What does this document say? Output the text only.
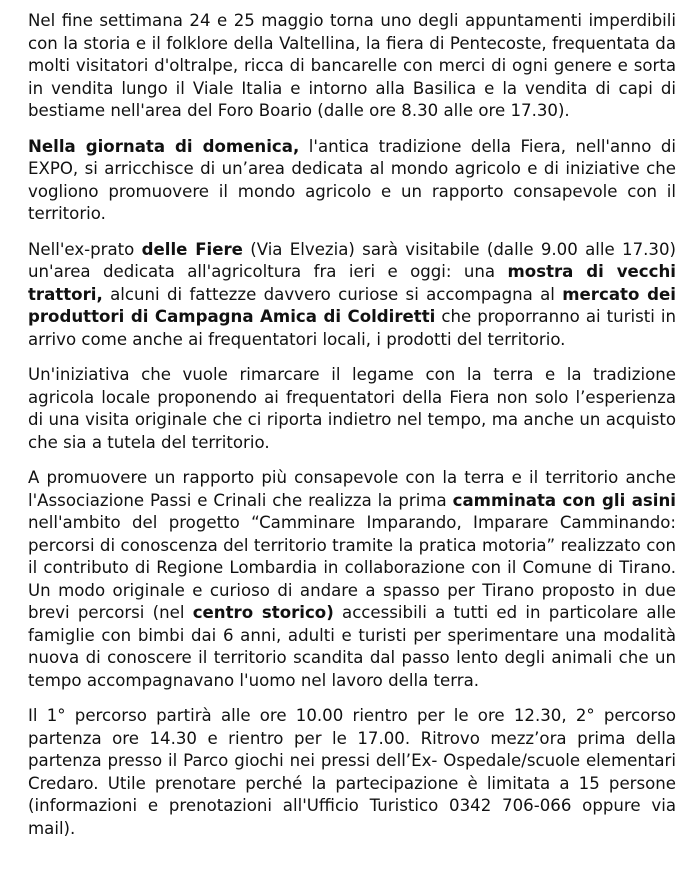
Nel fine settimana 24 e 25 maggio torna uno degli appuntamenti imperdibili con la storia e il folklore della Valtellina, la fiera di Pentecoste, frequentata da molti visitatori d'oltralpe, ricca di bancarelle con merci di ogni genere e sorta in vendita lungo il Viale Italia e intorno alla Basilica e la vendita di capi di bestiame nell'area del Foro Boario (dalle ore 8.30 alle ore 17.30).

Nella giornata di domenica, l'antica tradizione della Fiera, nell'anno di EXPO, si arricchisce di un’area dedicata al mondo agricolo e di iniziative che vogliono promuovere il mondo agricolo e un rapporto consapevole con il territorio.

Nell'ex-prato delle Fiere (Via Elvezia) sarà visitabile (dalle 9.00 alle 17.30) un'area dedicata all'agricoltura fra ieri e oggi: una mostra di vecchi trattori, alcuni di fattezze davvero curiose si accompagna al mercato dei produttori di Campagna Amica di Coldiretti che proporranno ai turisti in arrivo come anche ai frequentatori locali, i prodotti del territorio.

Un'iniziativa che vuole rimarcare il legame con la terra e la tradizione agricola locale proponendo ai frequentatori della Fiera non solo l’esperienza di una visita originale che ci riporta indietro nel tempo, ma anche un acquisto che sia a tutela del territorio.

A promuovere un rapporto più consapevole con la terra e il territorio anche l'Associazione Passi e Crinali che realizza la prima camminata con gli asini nell'ambito del progetto “Camminare Imparando, Imparare Camminando: percorsi di conoscenza del territorio tramite la pratica motoria” realizzato con il contributo di Regione Lombardia in collaborazione con il Comune di Tirano. Un modo originale e curioso di andare a spasso per Tirano proposto in due brevi percorsi (nel centro storico) accessibili a tutti ed in particolare alle famiglie con bimbi dai 6 anni, adulti e turisti per sperimentare una modalità nuova di conoscere il territorio scandita dal passo lento degli animali che un tempo accompagnavano l'uomo nel lavoro della terra.

Il 1° percorso partirà alle ore 10.00 rientro per le ore 12.30, 2° percorso partenza ore 14.30 e rientro per le 17.00. Ritrovo mezz’ora prima della partenza presso il Parco giochi nei pressi dell’Ex- Ospedale/scuole elementari Credaro. Utile prenotare perché la partecipazione è limitata a 15 persone (informazioni e prenotazioni all'Ufficio Turistico 0342 706-066 oppure via mail).
